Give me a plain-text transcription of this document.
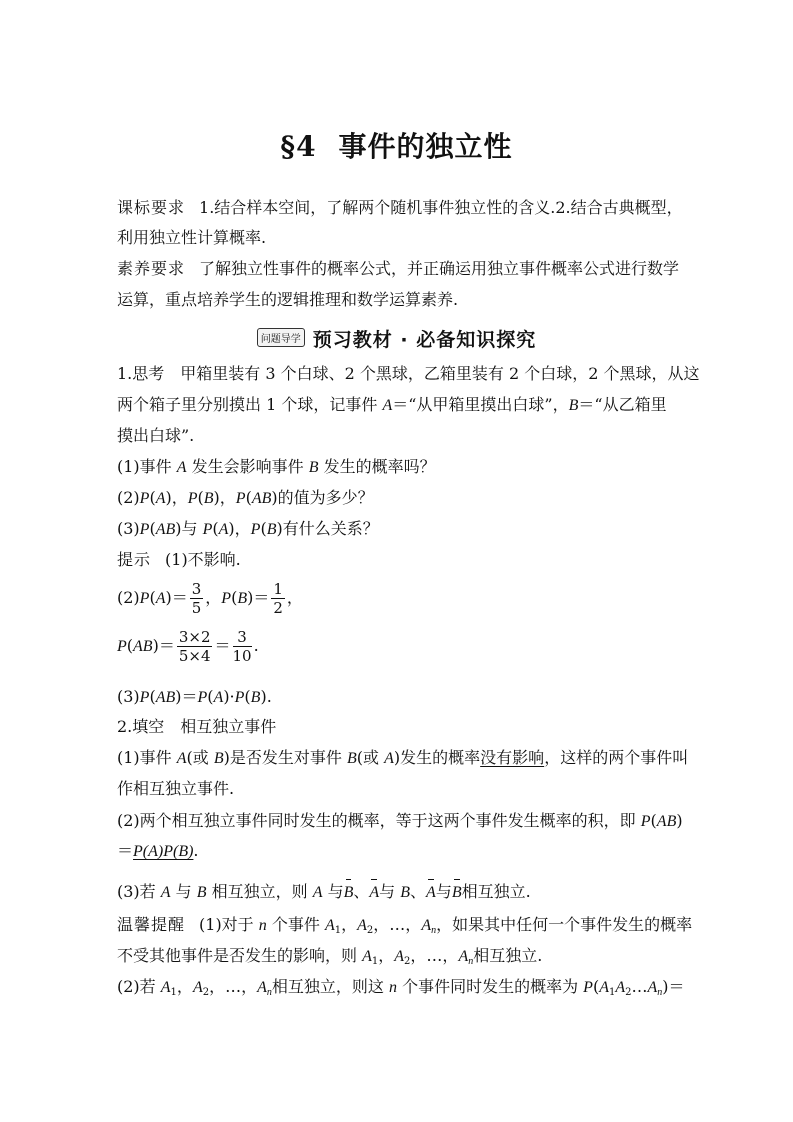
§4 事件的独立性
课标要求 1.结合样本空间，了解两个随机事件独立性的含义.2.结合古典概型，
利用独立性计算概率.
素养要求 了解独立性事件的概率公式，并正确运用独立事件概率公式进行数学
运算，重点培养学生的逻辑推理和数学运算素养.
问题导学 预习教材 · 必备知识探究
1.思考　甲箱里装有 3 个白球、2 个黑球，乙箱里装有 2 个白球，2 个黑球，从这
两个箱子里分别摸出 1 个球，记事件 A＝“从甲箱里摸出白球”，B＝“从乙箱里
摸出白球”.
(1)事件 A 发生会影响事件 B 发生的概率吗？
(2)P(A)，P(B)，P(AB)的值为多少？
(3)P(AB)与 P(A)，P(B)有什么关系？
提示 (1)不影响.
$(2)P(A)= \frac{3}{5}$ ，$P(B)= \frac{1}{2}$ ，
$P(AB)= \frac{3\times 2}{5\times 4} = \frac{3}{10}$ .
(3)P(AB)＝P(A)·P(B).
2.填空　相互独立事件
(1)事件 A(或 B)是否发生对事件 B(或 A)发生的概率没有影响，这样的两个事件叫
作相互独立事件.
(2)两个相互独立事件同时发生的概率，等于这两个事件发生概率的积，即 P(AB)
＝P(A)P(B).
(3)若 A 与 B 相互独立，则 A 与B、A与 B、A与B相互独立.
温馨提醒 (1)对于 n 个事件 $A_1$，$A_2$，…，$A_n$，如果其中任何一个事件发生的概率
不受其他事件是否发生的影响，则 $A_1$，$A_2$，…，$A_n$相互独立.
(2)若 $A_1$，$A_2$，…，$A_n$相互独立，则这 n 个事件同时发生的概率为 $P(A_1A_2\dots A_n)=$
